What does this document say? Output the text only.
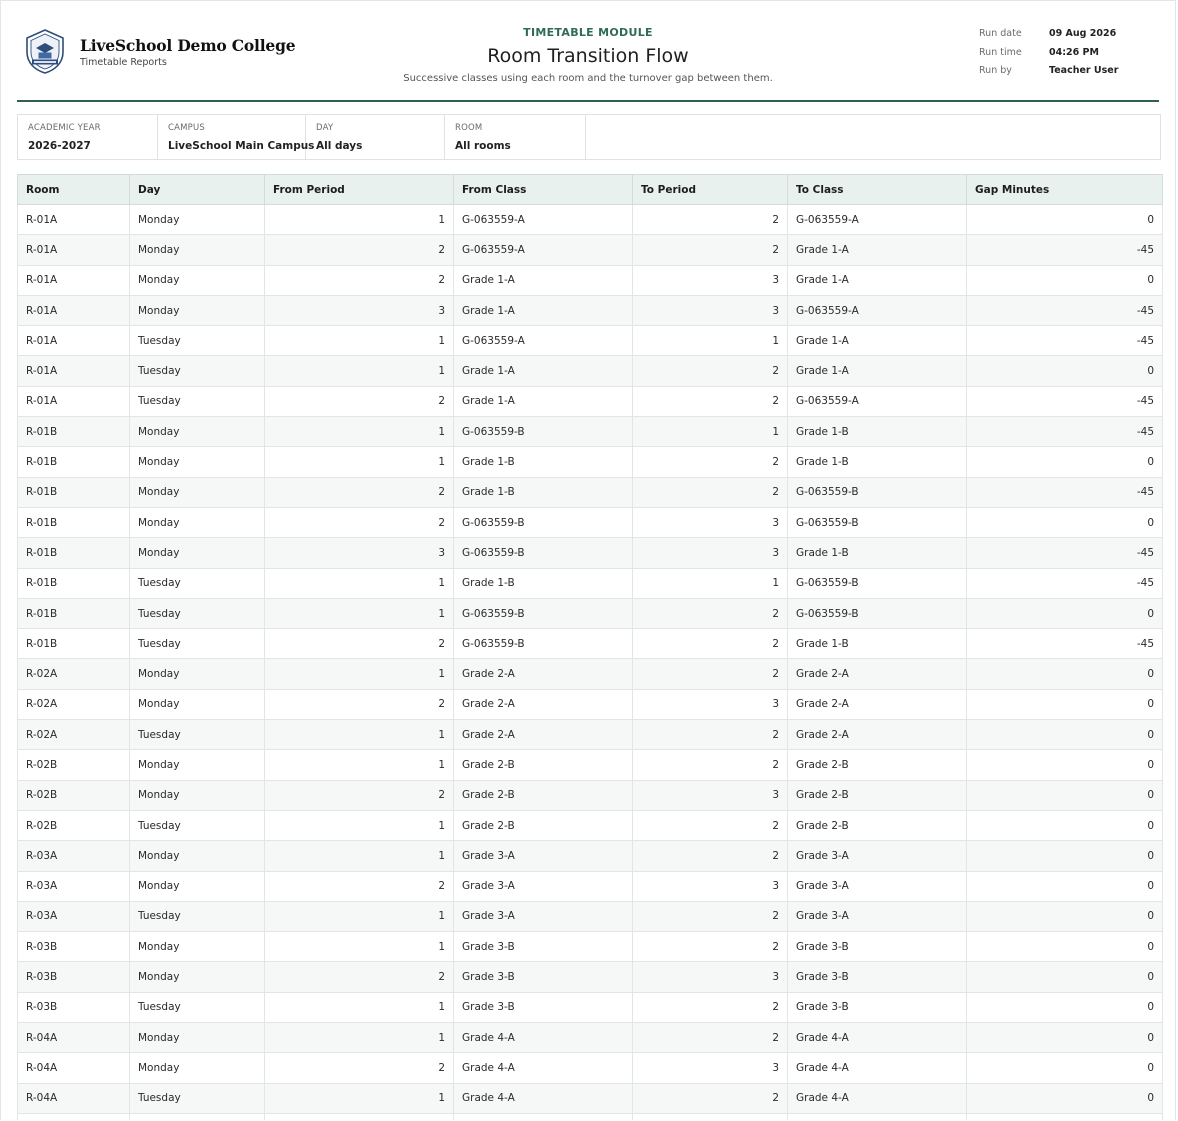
LiveSchool Demo College
Timetable Reports
TIMETABLE MODULE
Room Transition Flow
Successive classes using each room and the turnover gap between them.
Run date	09 Aug 2026
Run time	04:26 PM
Run by	Teacher User
ACADEMIC YEAR
2026-2027
CAMPUS
LiveSchool Main Campus
DAY
All days
ROOM
All rooms
Room	Day	From Period	From Class	To Period	To Class	Gap Minutes
R-01A	Monday	1	G-063559-A	2	G-063559-A	0
R-01A	Monday	2	G-063559-A	2	Grade 1-A	-45
R-01A	Monday	2	Grade 1-A	3	Grade 1-A	0
R-01A	Monday	3	Grade 1-A	3	G-063559-A	-45
R-01A	Tuesday	1	G-063559-A	1	Grade 1-A	-45
R-01A	Tuesday	1	Grade 1-A	2	Grade 1-A	0
R-01A	Tuesday	2	Grade 1-A	2	G-063559-A	-45
R-01B	Monday	1	G-063559-B	1	Grade 1-B	-45
R-01B	Monday	1	Grade 1-B	2	Grade 1-B	0
R-01B	Monday	2	Grade 1-B	2	G-063559-B	-45
R-01B	Monday	2	G-063559-B	3	G-063559-B	0
R-01B	Monday	3	G-063559-B	3	Grade 1-B	-45
R-01B	Tuesday	1	Grade 1-B	1	G-063559-B	-45
R-01B	Tuesday	1	G-063559-B	2	G-063559-B	0
R-01B	Tuesday	2	G-063559-B	2	Grade 1-B	-45
R-02A	Monday	1	Grade 2-A	2	Grade 2-A	0
R-02A	Monday	2	Grade 2-A	3	Grade 2-A	0
R-02A	Tuesday	1	Grade 2-A	2	Grade 2-A	0
R-02B	Monday	1	Grade 2-B	2	Grade 2-B	0
R-02B	Monday	2	Grade 2-B	3	Grade 2-B	0
R-02B	Tuesday	1	Grade 2-B	2	Grade 2-B	0
R-03A	Monday	1	Grade 3-A	2	Grade 3-A	0
R-03A	Monday	2	Grade 3-A	3	Grade 3-A	0
R-03A	Tuesday	1	Grade 3-A	2	Grade 3-A	0
R-03B	Monday	1	Grade 3-B	2	Grade 3-B	0
R-03B	Monday	2	Grade 3-B	3	Grade 3-B	0
R-03B	Tuesday	1	Grade 3-B	2	Grade 3-B	0
R-04A	Monday	1	Grade 4-A	2	Grade 4-A	0
R-04A	Monday	2	Grade 4-A	3	Grade 4-A	0
R-04A	Tuesday	1	Grade 4-A	2	Grade 4-A	0
